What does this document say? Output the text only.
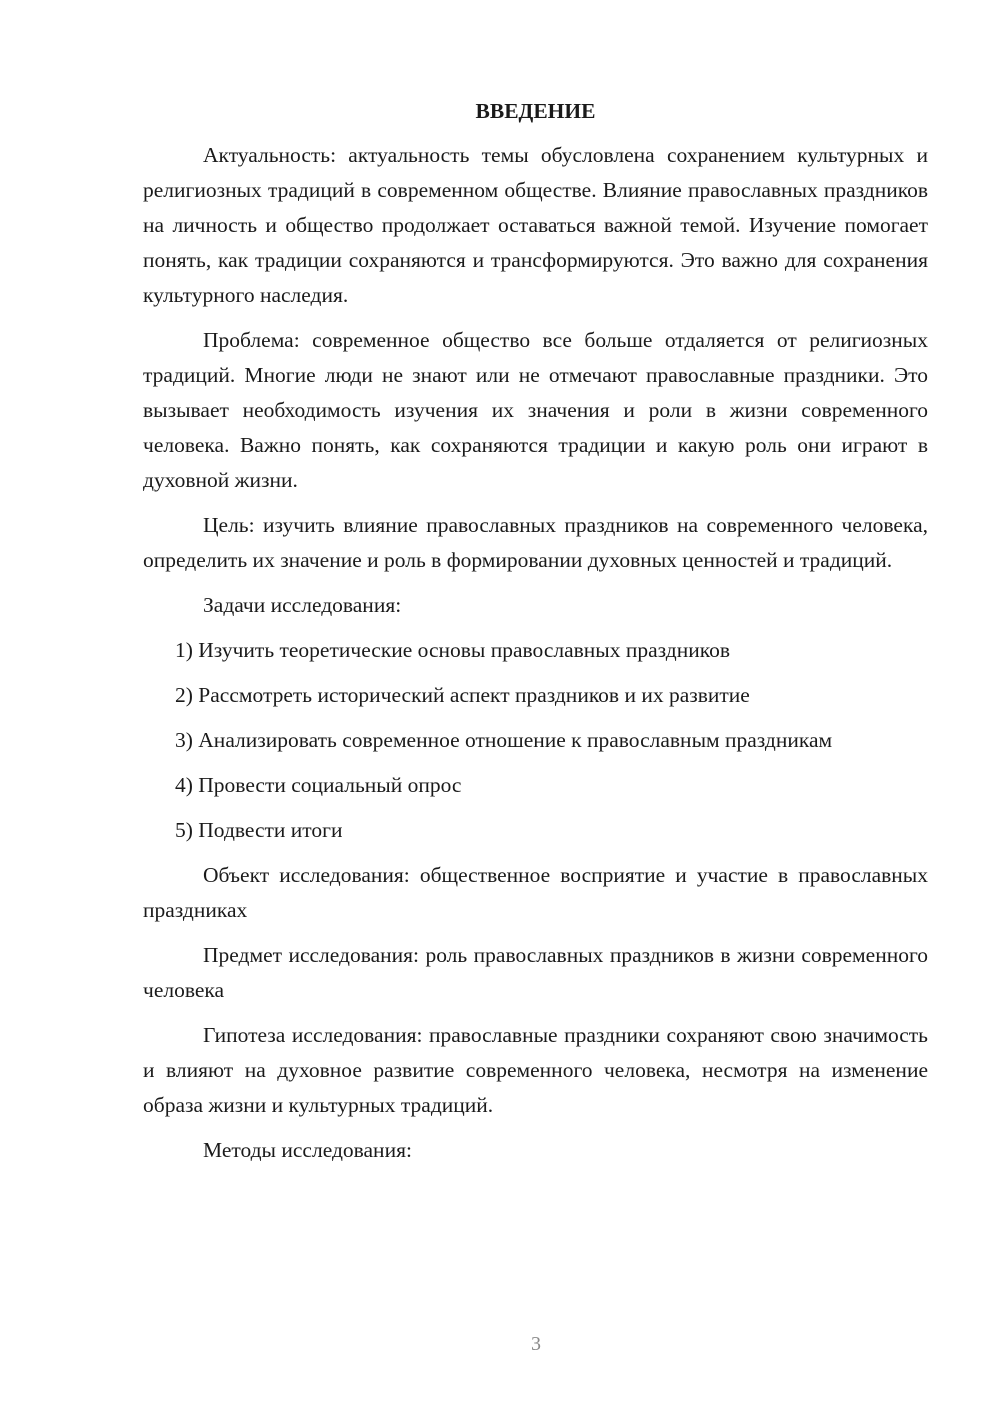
ВВЕДЕНИЕ

Актуальность: актуальность темы обусловлена сохранением культурных и религиозных традиций в современном обществе. Влияние православных праздников на личность и общество продолжает оставаться важной темой. Изучение помогает понять, как традиции сохраняются и трансформируются. Это важно для сохранения культурного наследия.

Проблема: современное общество все больше отдаляется от религиозных традиций. Многие люди не знают или не отмечают православные праздники. Это вызывает необходимость изучения их значения и роли в жизни современного человека. Важно понять, как сохраняются традиции и какую роль они играют в духовной жизни.

Цель: изучить влияние православных праздников на современного человека, определить их значение и роль в формировании духовных ценностей и традиций.

Задачи исследования:

1) Изучить теоретические основы православных праздников

2) Рассмотреть исторический аспект праздников и их развитие

3) Анализировать современное отношение к православным праздникам

4) Провести социальный опрос

5) Подвести итоги

Объект исследования: общественное восприятие и участие в православных праздниках

Предмет исследования: роль православных праздников в жизни современного человека

Гипотеза исследования: православные праздники сохраняют свою значимость и влияют на духовное развитие современного человека, несмотря на изменение образа жизни и культурных традиций.

Методы исследования:

3
